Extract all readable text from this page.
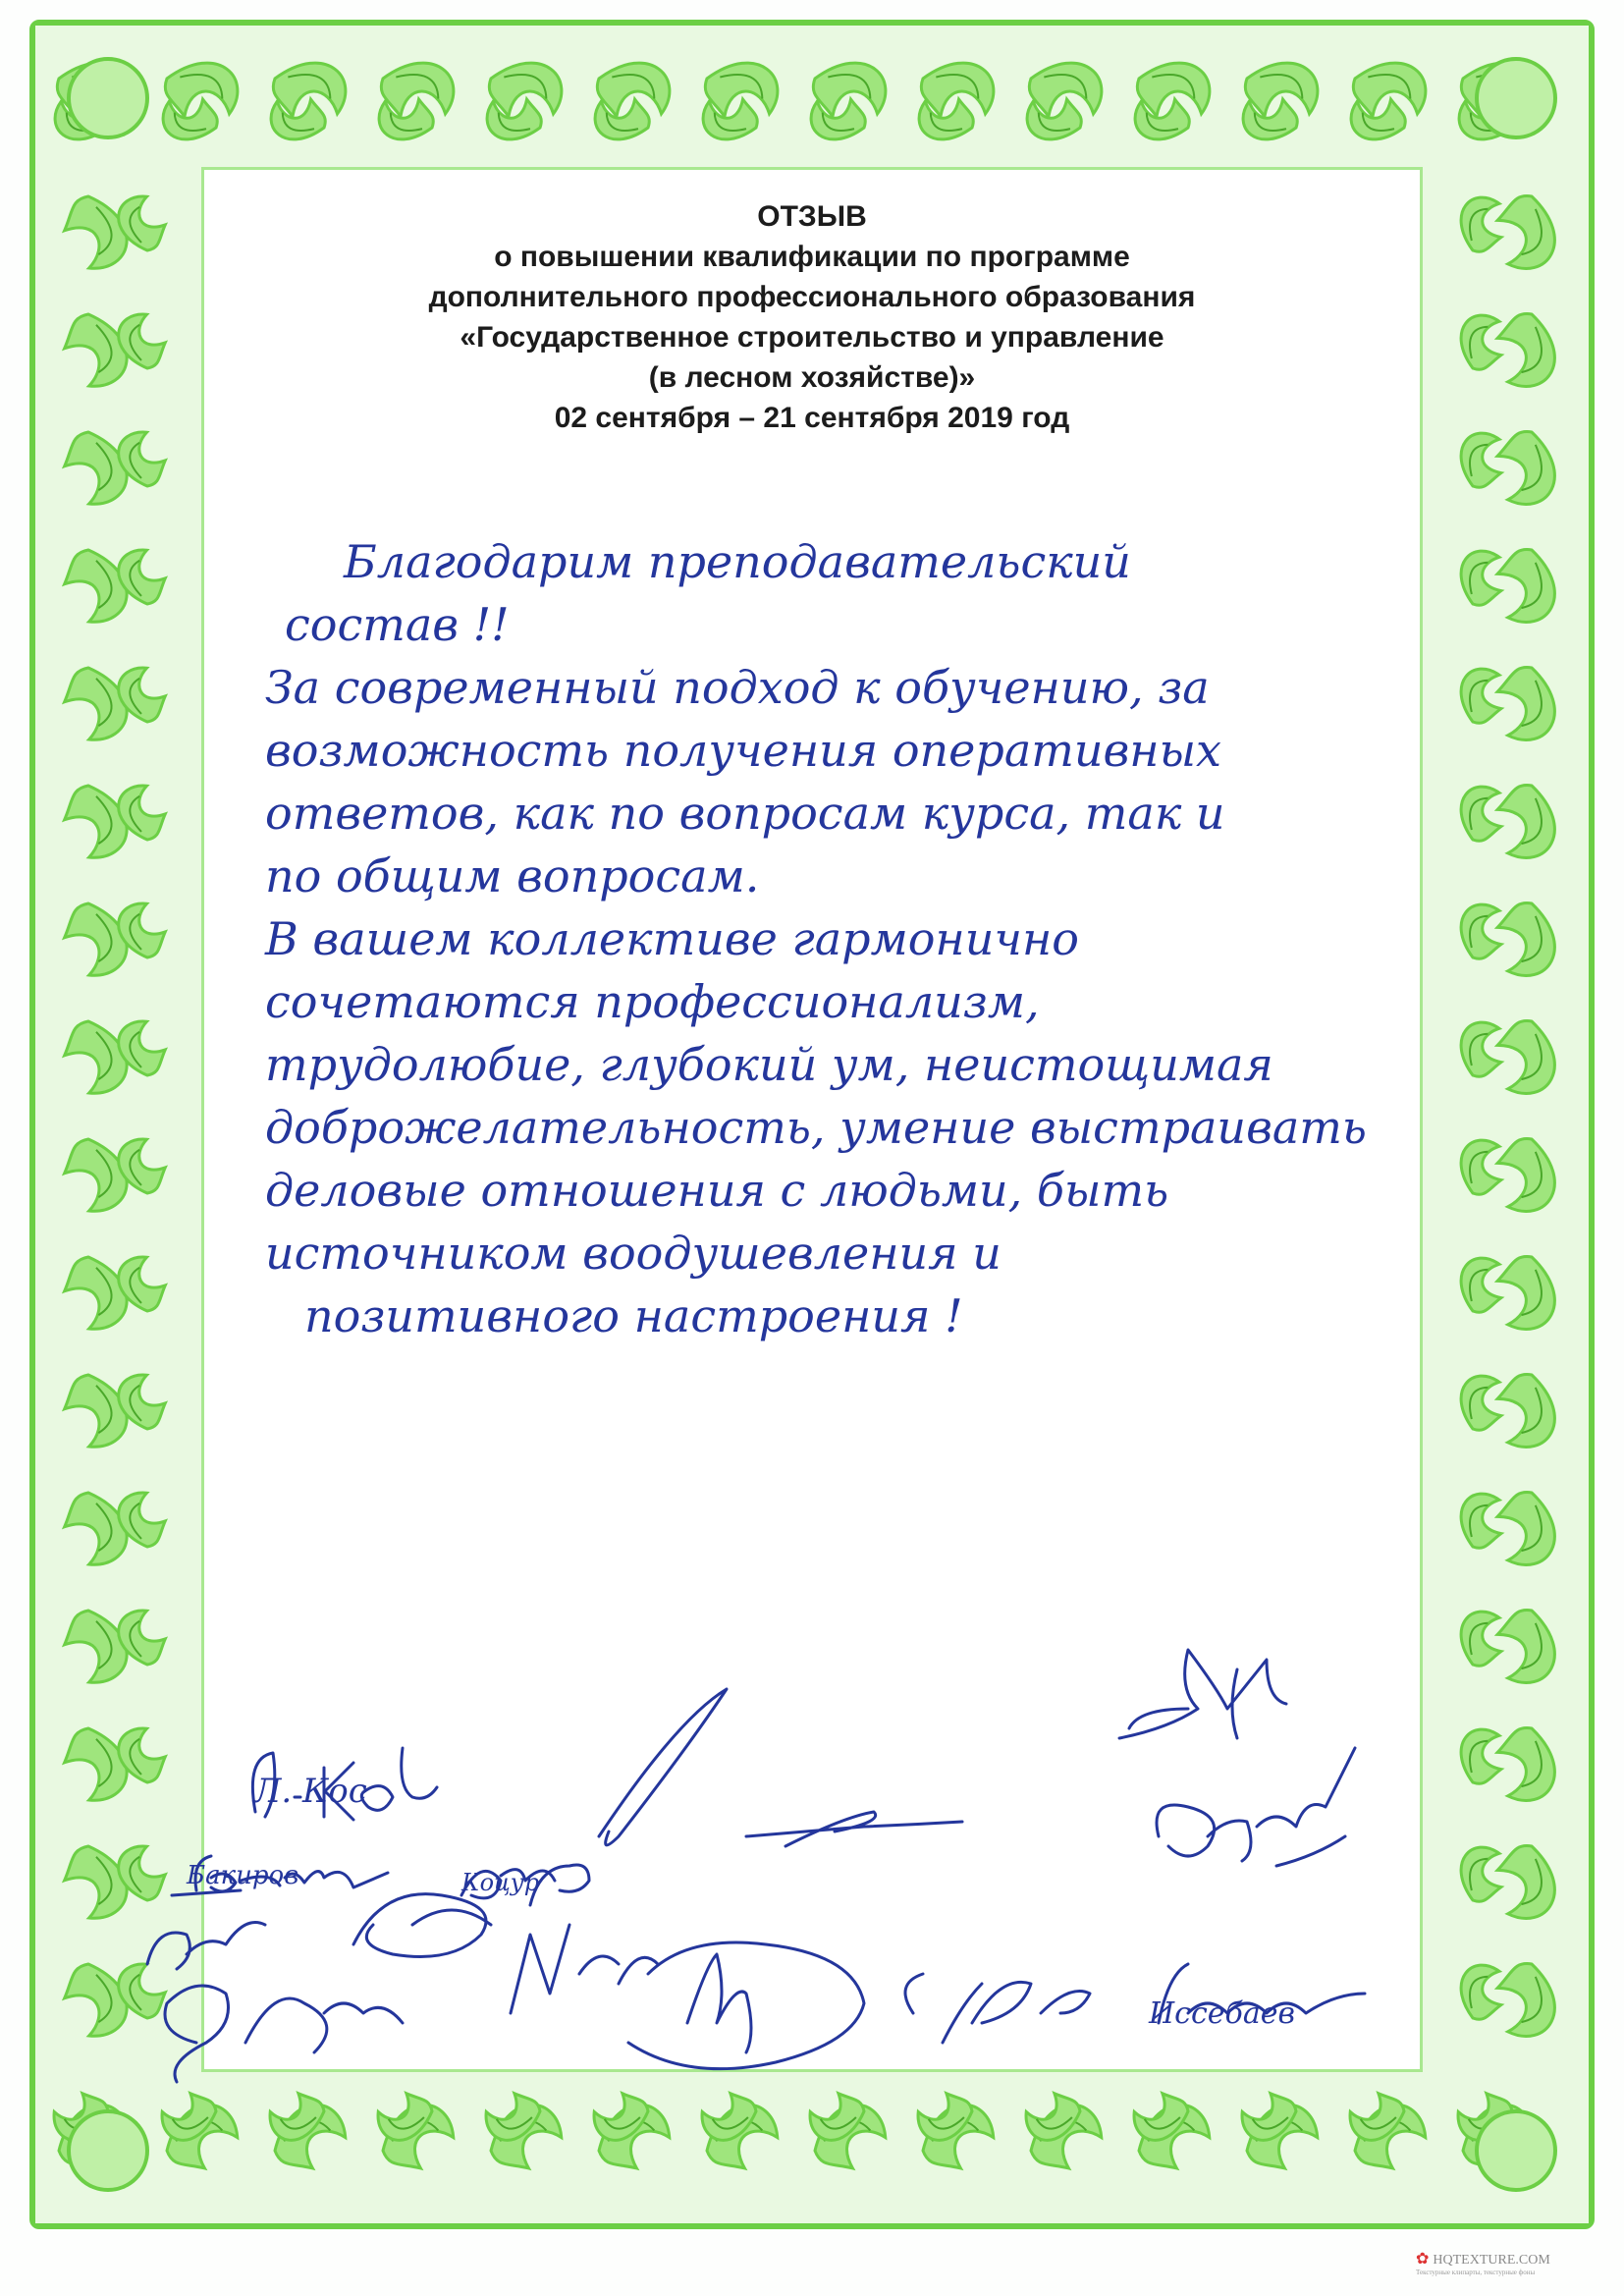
ОТЗЫВ
о повышении квалификации по программе
дополнительного профессионального образования
«Государственное строительство и управление
(в лесном хозяйстве)»
02 сентября – 21 сентября 2019 год
Благодарим преподавательский
состав !!
За современный подход к обучению, за
возможность получения оперативных
ответов, как по вопросам курса, так и
по общим вопросам.
В вашем коллективе гармонично
сочетаются профессионализм,
трудолюбие, глубокий ум, неистощимая
доброжелательность, умение выстраивать
деловые отношения с людьми, быть
источником воодушевления и
позитивного настроения !
Л. Кос
Бакиров	Коцур
Иссебаев
✿ HQTEXTURE.COM
Текстурные клипарты, текстурные фоны
